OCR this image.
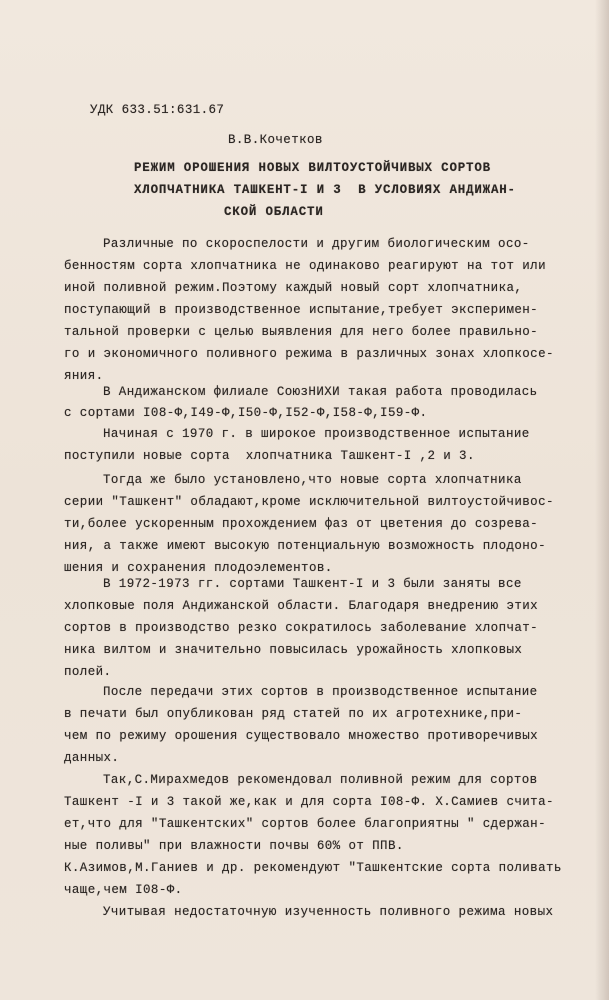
УДК 633.51:631.67
В.В.Кочетков
РЕЖИМ ОРОШЕНИЯ НОВЫХ ВИЛТОУСТОЙЧИВЫХ СОРТОВ
ХЛОПЧАТНИКА ТАШКЕНТ-I И 3  В УСЛОВИЯХ АНДИЖАН-
СКОЙ ОБЛАСТИ
Различные по скороспелости и другим биологическим осо-
бенностям сорта хлопчатника не одинаково реагируют на тот или
иной поливной режим.Поэтому каждый новый сорт хлопчатника,
поступающий в производственное испытание,требует эксперимен-
тальной проверки с целью выявления для него более правильно-
го и экономичного поливного режима в различных зонах хлопкосе-
яния.
В Андижанском филиале СоюзНИХИ такая работа проводилась
с сортами I08-Ф,I49-Ф,I50-Ф,I52-Ф,I58-Ф,I59-Ф.
Начиная с 1970 г. в широкое производственное испытание
поступили новые сорта  хлопчатника Ташкент-I ,2 и 3.
Тогда же было установлено,что новые сорта хлопчатника
серии "Ташкент" обладают,кроме исключительной вилтоустойчивос-
ти,более ускоренным прохождением фаз от цветения до созрева-
ния, а также имеют высокую потенциальную возможность плодоно-
шения и сохранения плодоэлементов.
В 1972-1973 гг. сортами Ташкент-I и 3 были заняты все
хлопковые поля Андижанской области. Благодаря внедрению этих
сортов в производство резко сократилось заболевание хлопчат-
ника вилтом и значительно повысилась урожайность хлопковых
полей.
После передачи этих сортов в производственное испытание
в печати был опубликован ряд статей по их агротехнике,при-
чем по режиму орошения существовало множество противоречивых
данных.
Так,С.Мирахмедов рекомендовал поливной режим для сортов
Ташкент -I и 3 такой же,как и для сорта I08-Ф. Х.Самиев счита-
ет,что для "Ташкентских" сортов более благоприятны " сдержан-
ные поливы" при влажности почвы 60% от ППВ.
К.Азимов,М.Ганиев и др. рекомендуют "Ташкентские сорта поливать
чаще,чем I08-Ф.
Учитывая недостаточную изученность поливного режима новых
